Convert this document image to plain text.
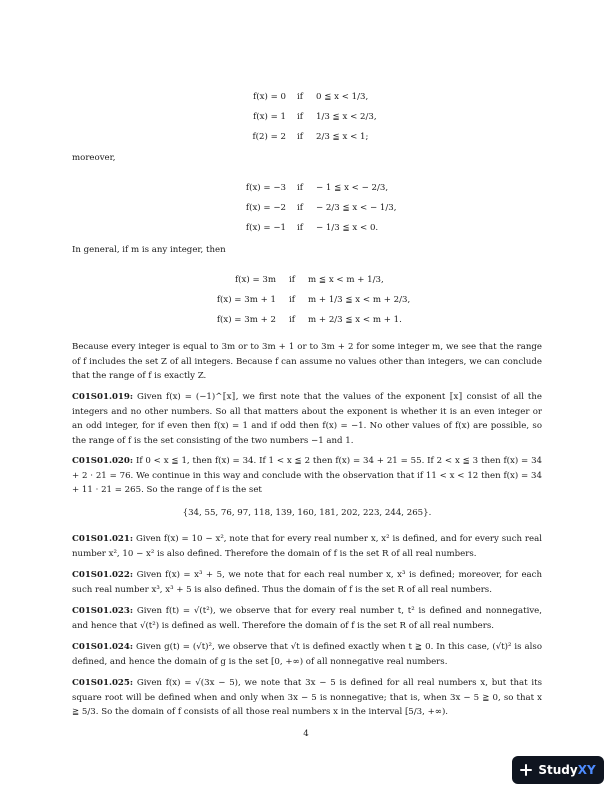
f(x) = 0 if 0 ≦ x < 1/3,
f(x) = 1 if 1/3 ≦ x < 2/3,
f(2) = 2 if 2/3 ≦ x < 1;
moreover,
f(x) = −3 if − 1 ≦ x < − 2/3,
f(x) = −2 if − 2/3 ≦ x < − 1/3,
f(x) = −1 if − 1/3 ≦ x < 0.
In general, if m is any integer, then
f(x) = 3m if m ≦ x < m + 1/3,
f(x) = 3m + 1 if m + 1/3 ≦ x < m + 2/3,
f(x) = 3m + 2 if m + 2/3 ≦ x < m + 1.
Because every integer is equal to 3m or to 3m + 1 or to 3m + 2 for some integer m, we see that the range of f includes the set Z of all integers. Because f can assume no values other than integers, we can conclude that the range of f is exactly Z.

C01S01.019: Given f(x) = (−1)^⟦x⟧, we first note that the values of the exponent ⟦x⟧ consist of all the integers and no other numbers. So all that matters about the exponent is whether it is an even integer or an odd integer, for if even then f(x) = 1 and if odd then f(x) = −1. No other values of f(x) are possible, so the range of f is the set consisting of the two numbers −1 and 1.

C01S01.020: If 0 < x ≦ 1, then f(x) = 34. If 1 < x ≦ 2 then f(x) = 34 + 21 = 55. If 2 < x ≦ 3 then f(x) = 34 + 2 · 21 = 76. We continue in this way and conclude with the observation that if 11 < x < 12 then f(x) = 34 + 11 · 21 = 265. So the range of f is the set

{34, 55, 76, 97, 118, 139, 160, 181, 202, 223, 244, 265}.

C01S01.021: Given f(x) = 10 − x², note that for every real number x, x² is defined, and for every such real number x², 10 − x² is also defined. Therefore the domain of f is the set R of all real numbers.

C01S01.022: Given f(x) = x³ + 5, we note that for each real number x, x³ is defined; moreover, for each such real number x³, x³ + 5 is also defined. Thus the domain of f is the set R of all real numbers.

C01S01.023: Given f(t) = √(t²), we observe that for every real number t, t² is defined and nonnegative, and hence that √(t²) is defined as well. Therefore the domain of f is the set R of all real numbers.

C01S01.024: Given g(t) = (√t)², we observe that √t is defined exactly when t ≧ 0. In this case, (√t)² is also defined, and hence the domain of g is the set [0, +∞) of all nonnegative real numbers.

C01S01.025: Given f(x) = √(3x − 5), we note that 3x − 5 is defined for all real numbers x, but that its square root will be defined when and only when 3x − 5 is nonnegative; that is, when 3x − 5 ≧ 0, so that x ≧ 5/3. So the domain of f consists of all those real numbers x in the interval [5/3, +∞).

4
StudyXY
